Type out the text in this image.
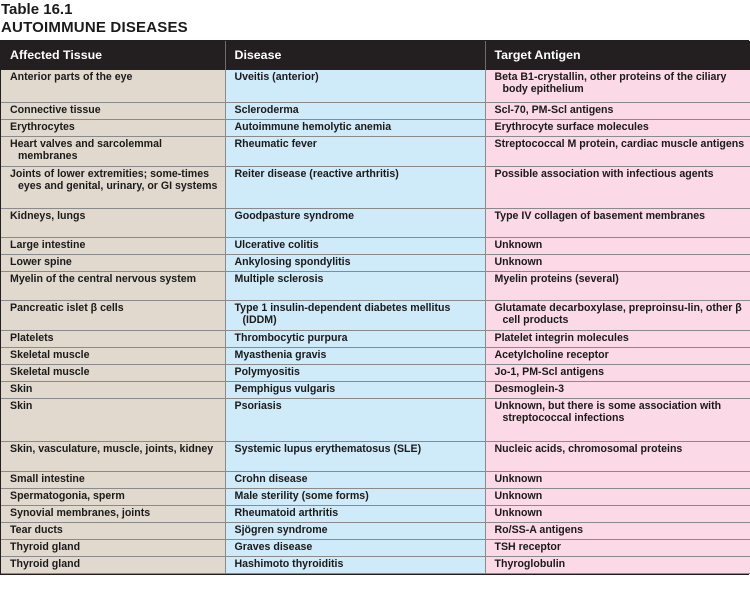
Table 16.1
AUTOIMMUNE DISEASES
Affected Tissue	Disease	Target Antigen

Anterior parts of the eye	Uveitis (anterior)	Beta B1-crystallin, other proteins of the ciliary body epithelium

Connective tissue	Scleroderma	Scl-70, PM-Scl antigens

Erythrocytes	Autoimmune hemolytic anemia	Erythrocyte surface molecules

Heart valves and sarcolemmal membranes	Rheumatic fever	Streptococcal M protein, cardiac muscle antigens

Joints of lower extremities; some-times eyes and genital, urinary, or GI systems	Reiter disease (reactive arthritis)	Possible association with infectious agents

Kidneys, lungs	Goodpasture syndrome	Type IV collagen of basement membranes

Large intestine	Ulcerative colitis	Unknown

Lower spine	Ankylosing spondylitis	Unknown

Myelin of the central nervous system	Multiple sclerosis	Myelin proteins (several)

Pancreatic islet β cells	Type 1 insulin-dependent diabetes mellitus (IDDM)	Glutamate decarboxylase, preproinsu-lin, other β cell products

Platelets	Thrombocytic purpura	Platelet integrin molecules

Skeletal muscle	Myasthenia gravis	Acetylcholine receptor

Skeletal muscle	Polymyositis	Jo-1, PM-Scl antigens

Skin	Pemphigus vulgaris	Desmoglein-3

Skin	Psoriasis	Unknown, but there is some association with streptococcal infections

Skin, vasculature, muscle, joints, kidney	Systemic lupus erythematosus (SLE)	Nucleic acids, chromosomal proteins

Small intestine	Crohn disease	Unknown

Spermatogonia, sperm	Male sterility (some forms)	Unknown

Synovial membranes, joints	Rheumatoid arthritis	Unknown

Tear ducts	Sjögren syndrome	Ro/SS-A antigens

Thyroid gland	Graves disease	TSH receptor

Thyroid gland	Hashimoto thyroiditis	Thyroglobulin
